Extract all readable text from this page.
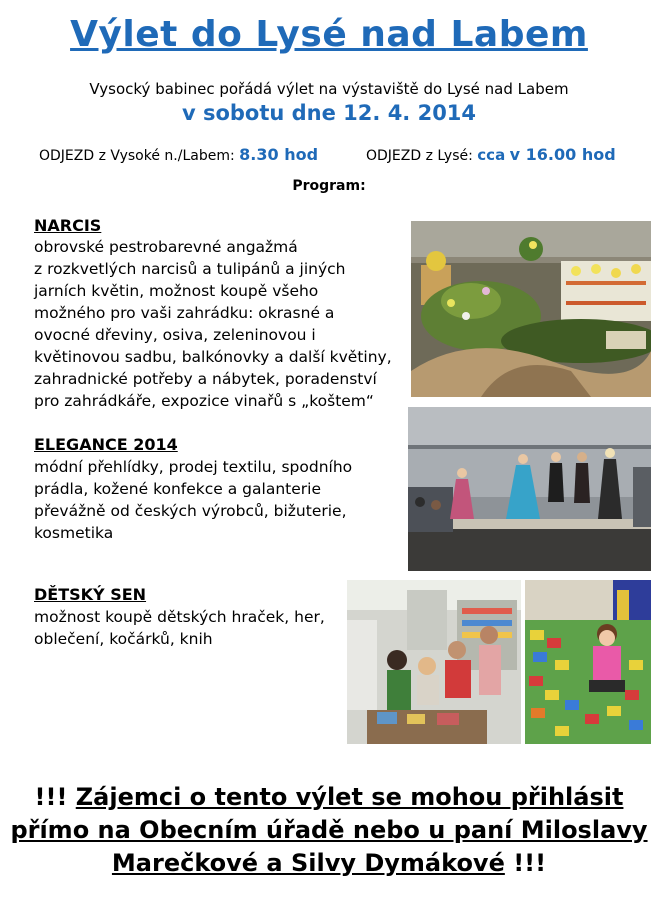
Výlet do Lysé nad Labem
Vysocký babinec pořádá výlet na výstaviště do Lysé nad Labem
v sobotu dne 12. 4. 2014
ODJEZD z Vysoké n./Labem: 8.30 hod	ODJEZD z Lysé: cca v 16.00 hod
Program:
NARCIS
obrovské pestrobarevné angažmá
z rozkvetlých narcisů a tulipánů a jiných
jarních květin, možnost koupě všeho
možného pro vaši zahrádku: okrasné a
ovocné dřeviny, osiva, zeleninovou i
květinovou sadbu, balkónovky a další květiny,
zahradnické potřeby a nábytek, poradenství
pro zahrádkáře, expozice vinařů s „koštem“
ELEGANCE 2014
módní přehlídky, prodej textilu, spodního
prádla, kožené konfekce a galanterie
převážně od českých výrobců, bižuterie,
kosmetika
DĚTSKÝ SEN
možnost koupě dětských hraček, her,
oblečení, kočárků, knih
!!! Zájemci o tento výlet se mohou přihlásit
přímo na Obecním úřadě nebo u paní Miloslavy
Marečkové a Silvy Dymákové !!!
